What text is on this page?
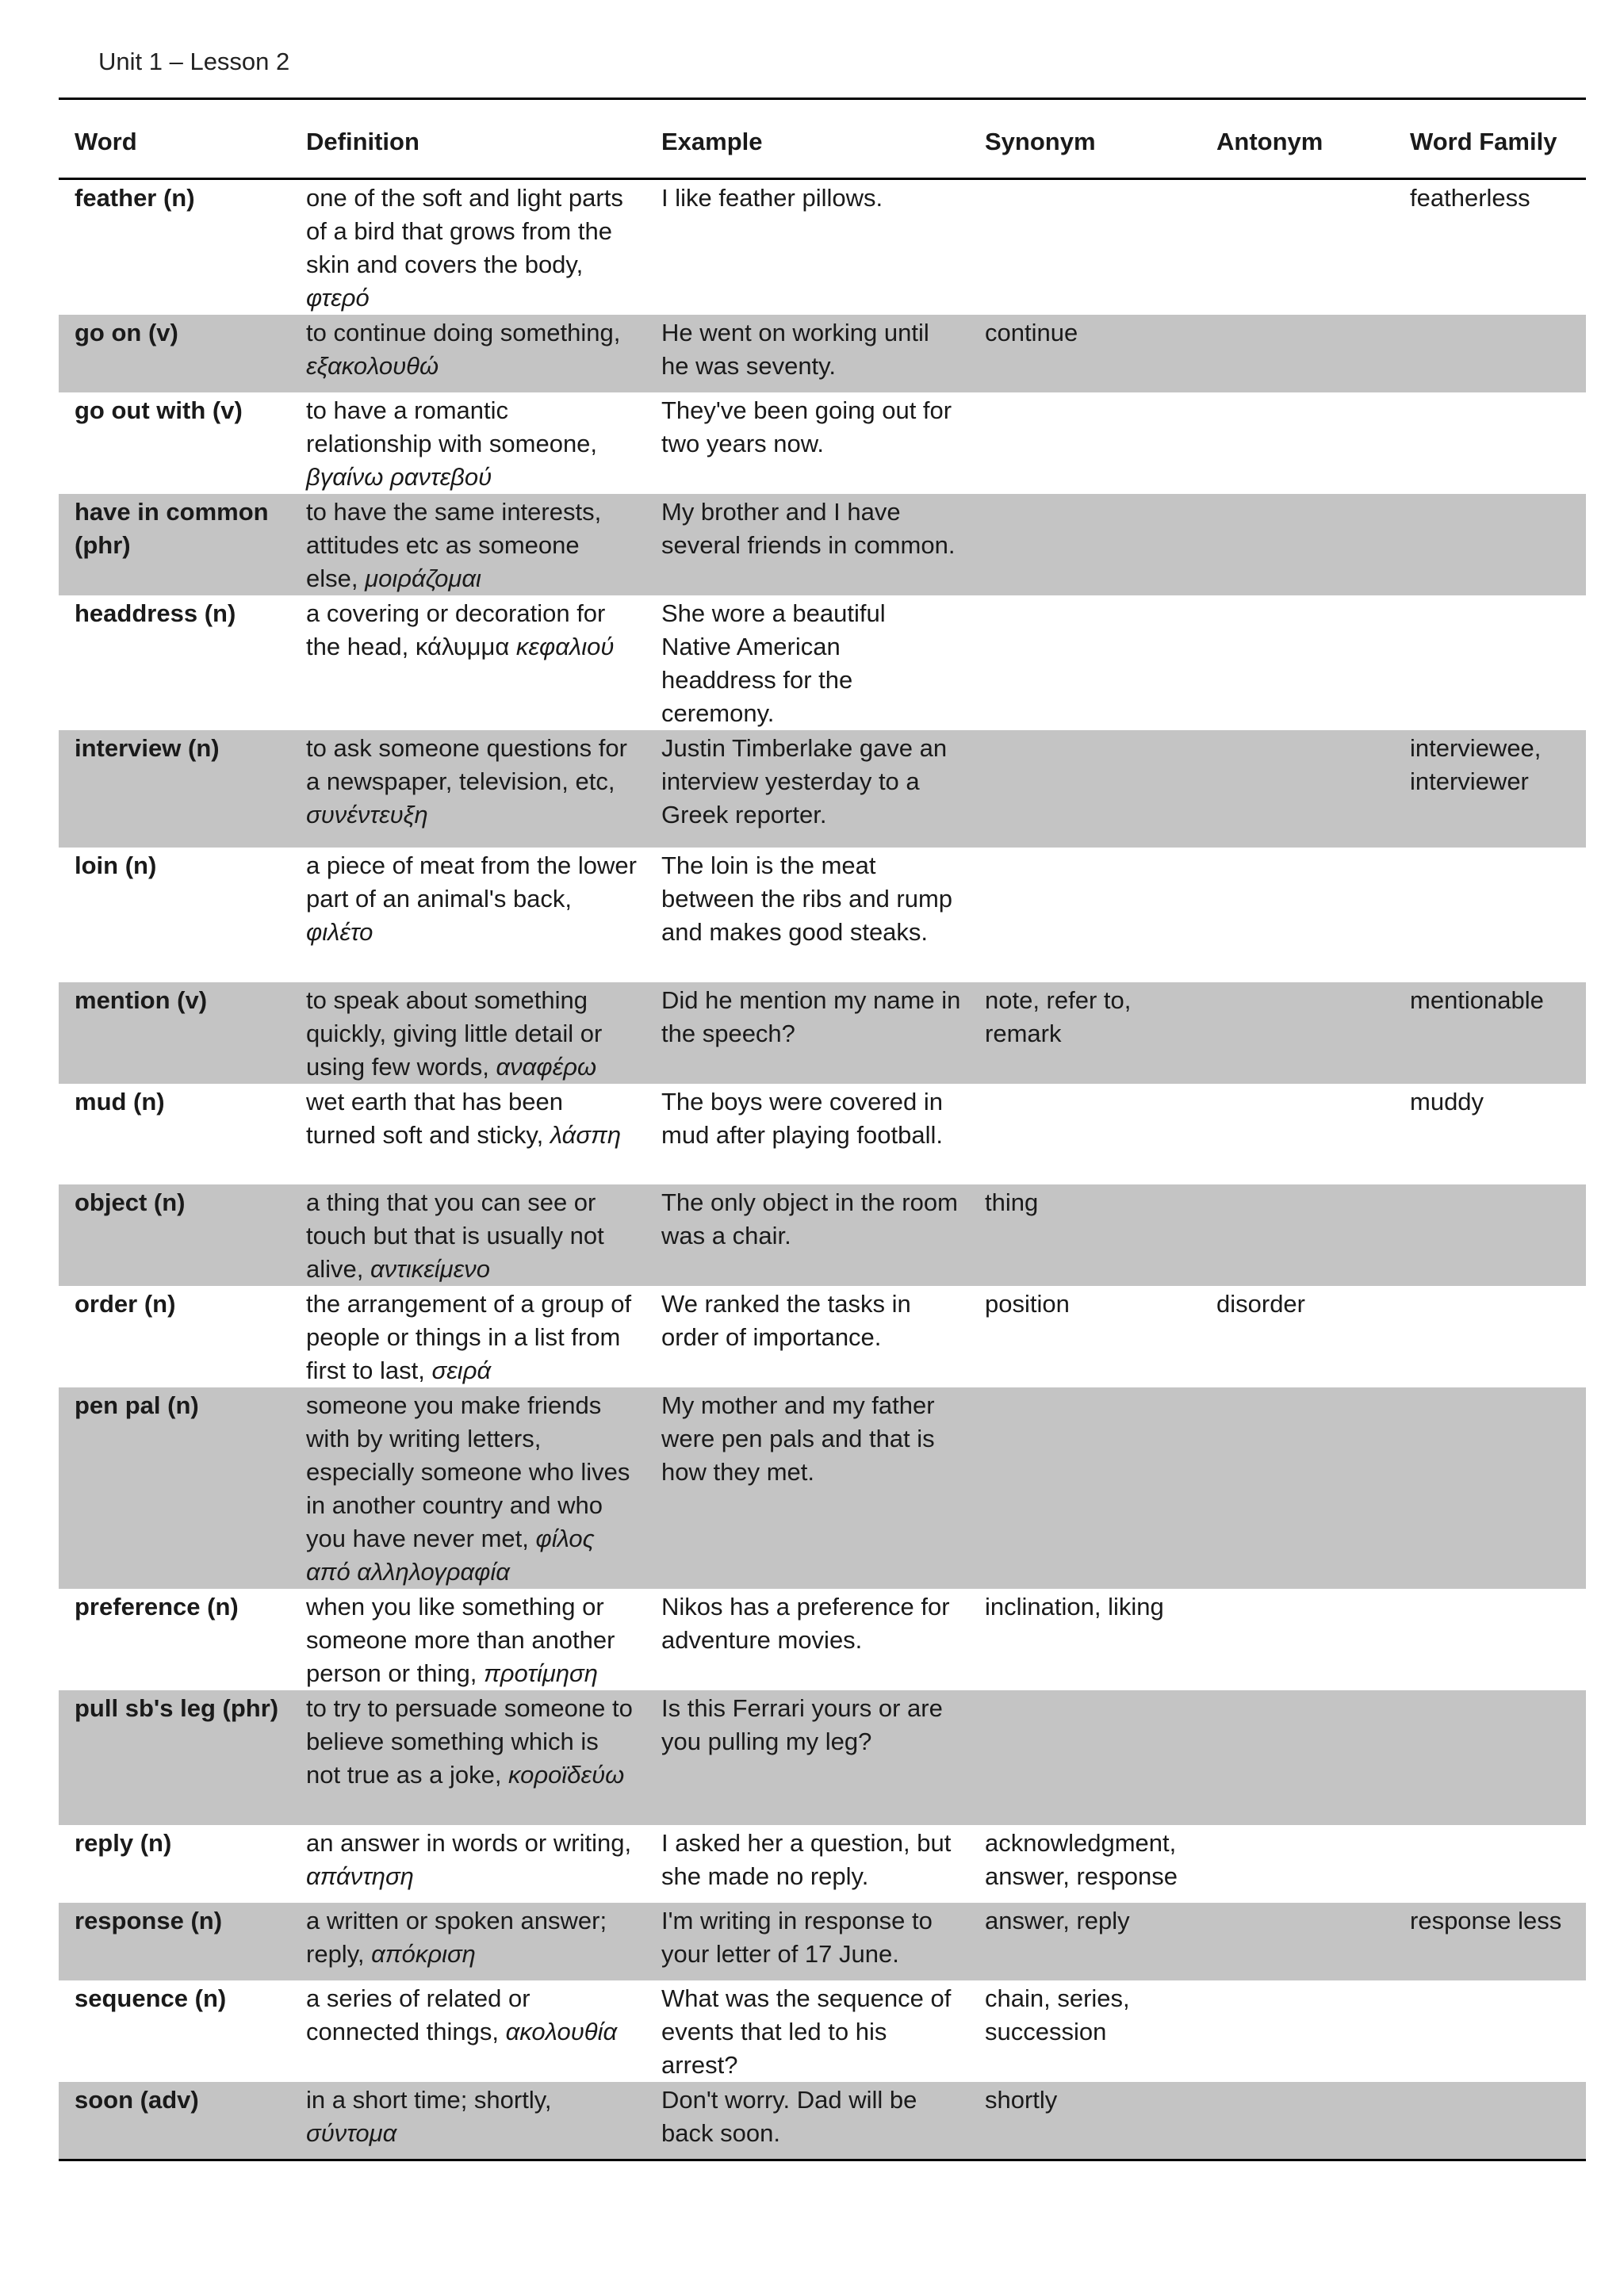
Unit 1 – Lesson 2
Word	Definition	Example	Synonym	Antonym	Word Family
feather (n)	one of the soft and light parts of a bird that grows from the skin and covers the body, φτερό	I like feather pillows.			featherless
go on (v)	to continue doing something, εξακολουθώ	He went on working until he was seventy.	continue		
go out with (v)	to have a romantic relationship with someone, βγαίνω ραντεβού	They've been going out for two years now.			
have in common (phr)	to have the same interests, attitudes etc as someone else, μοιράζομαι	My brother and I have several friends in common.			
headdress (n)	a covering or decoration for the head, κάλυμμα κεφαλιού	She wore a beautiful Native American headdress for the ceremony.			
interview (n)	to ask someone questions for a newspaper, television, etc, συνέντευξη	Justin Timberlake gave an interview yesterday to a Greek reporter.			interviewee, interviewer
loin (n)	a piece of meat from the lower part of an animal's back, φιλέτο	The loin is the meat between the ribs and rump and makes good steaks.			
mention (v)	to speak about something quickly, giving little detail or using few words, αναφέρω	Did he mention my name in the speech?	note, refer to, remark		mentionable
mud (n)	wet earth that has been turned soft and sticky, λάσπη	The boys were covered in mud after playing football.			muddy
object (n)	a thing that you can see or touch but that is usually not alive, αντικείμενο	The only object in the room was a chair.	thing		
order (n)	the arrangement of a group of people or things in a list from first to last, σειρά	We ranked the tasks in order of importance.	position	disorder	
pen pal (n)	someone you make friends with by writing letters, especially someone who lives in another country and who you have never met, φίλος από αλληλογραφία	My mother and my father were pen pals and that is how they met.			
preference (n)	when you like something or someone more than another person or thing, προτίμηση	Nikos has a preference for adventure movies.	inclination, liking		
pull sb's leg (phr)	to try to persuade someone to believe something which is not true as a joke, κοροϊδεύω	Is this Ferrari yours or are you pulling my leg?			
reply (n)	an answer in words or writing, απάντηση	I asked her a question, but she made no reply.	acknowledgment, answer, response		
response (n)	a written or spoken answer; reply, απόκριση	I'm writing in response to your letter of 17 June.	answer, reply		response less
sequence (n)	a series of related or connected things, ακολουθία	What was the sequence of events that led to his arrest?	chain, series, succession		
soon (adv)	in a short time; shortly, σύντομα	Don't worry. Dad will be back soon.	shortly		
